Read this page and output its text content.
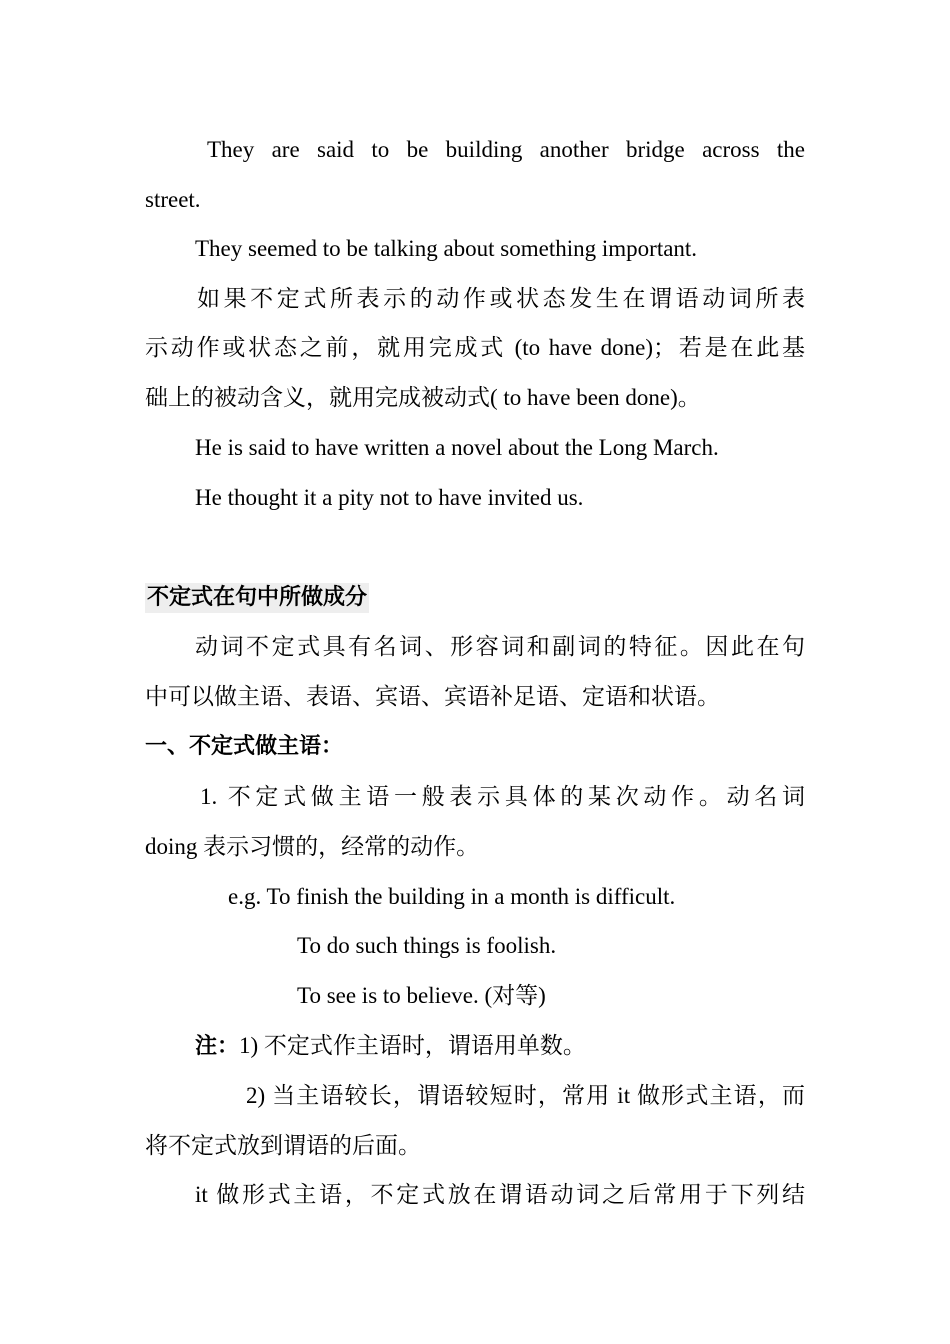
They are said to be building another bridge across the
street.
They seemed to be talking about something important.
如果不定式所表示的动作或状态发生在谓语动词所表
示动作或状态之前，就用完成式 (to have done)；若是在此基
础上的被动含义，就用完成被动式( to have been done)。
He is said to have written a novel about the Long March.
He thought it a pity not to have invited us.
不定式在句中所做成分
动词不定式具有名词、形容词和副词的特征。因此在句
中可以做主语、表语、宾语、宾语补足语、定语和状语。
一、不定式做主语：
1. 不定式做主语一般表示具体的某次动作。动名词
doing 表示习惯的，经常的动作。
e.g. To finish the building in a month is difficult.
To do such things is foolish.
To see is to believe. (对等)
注：1) 不定式作主语时，谓语用单数。
2) 当主语较长，谓语较短时，常用 it 做形式主语，而
将不定式放到谓语的后面。
it 做形式主语，不定式放在谓语动词之后常用于下列结
